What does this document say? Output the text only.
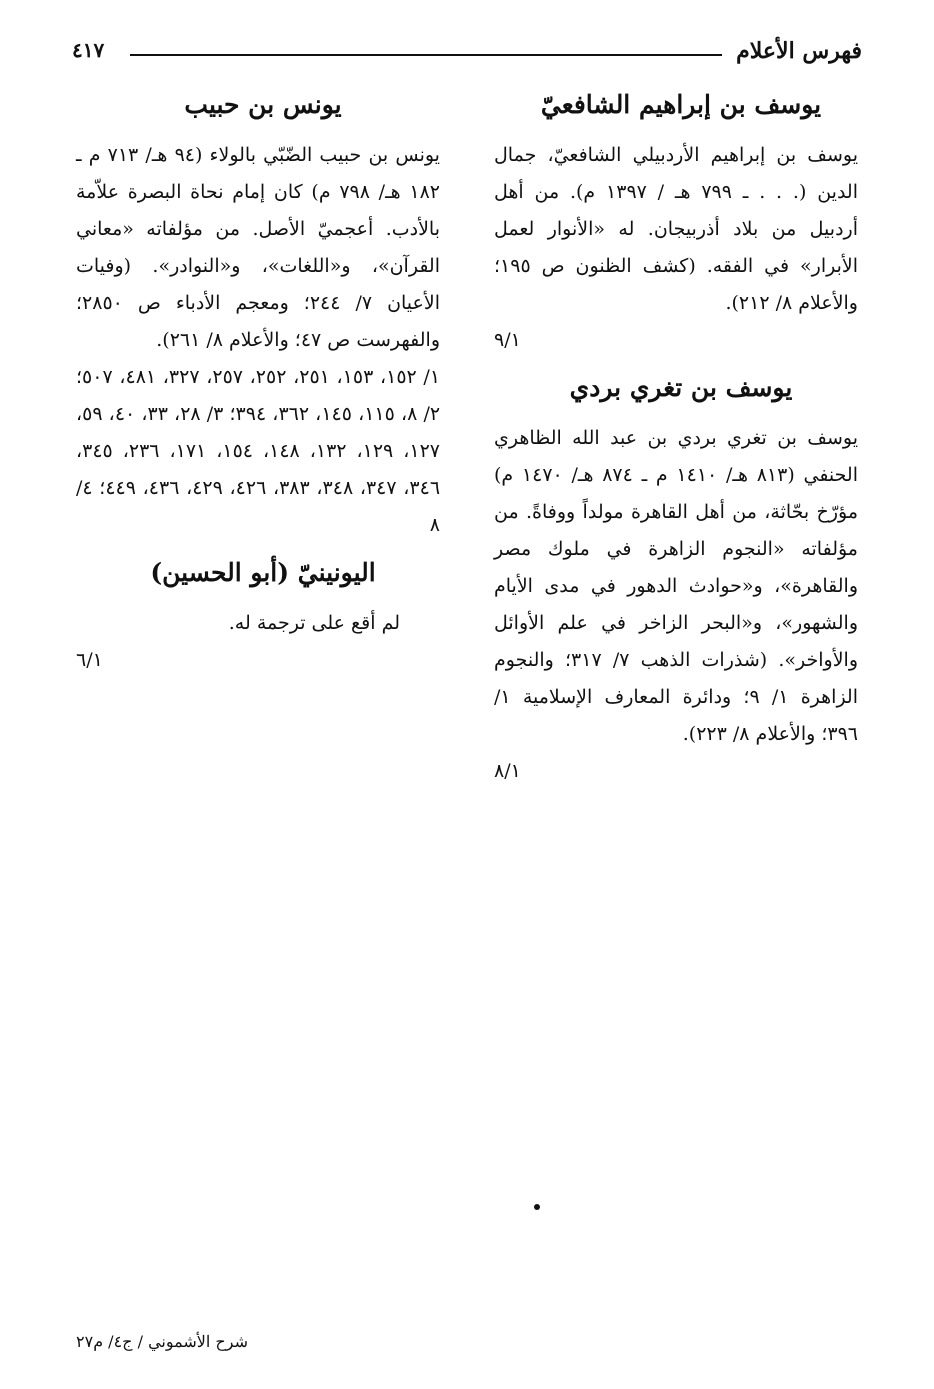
فهرس الأعلام
٤١٧
يوسف بن إبراهيم الشافعيّ
يوسف بن إبراهيم الأردبيلي الشافعيّ، جمال الدين (. . . ـ ٧٩٩ هـ / ١٣٩٧ م). من أهل أردبيل من بلاد أذربيجان. له «الأنوار لعمل الأبرار» في الفقه. (كشف الظنون ص ١٩٥؛ والأعلام ٨/ ٢١٢).
٩/١
يوسف بن تغري بردي
يوسف بن تغري بردي بن عبد الله الظاهري الحنفي (٨١٣ هـ/ ١٤١٠ م ـ ٨٧٤ هـ/ ١٤٧٠ م) مؤرّخ بحّاثة، من أهل القاهرة مولداً ووفاةً. من مؤلفاته «النجوم الزاهرة في ملوك مصر والقاهرة»، و«حوادث الدهور في مدى الأيام والشهور»، و«البحر الزاخر في علم الأوائل والأواخر». (شذرات الذهب ٧/ ٣١٧؛ والنجوم الزاهرة ١/ ٩؛ ودائرة المعارف الإسلامية ١/ ٣٩٦؛ والأعلام ٨/ ٢٢٣).
٨/١
يونس بن حبيب
يونس بن حبيب الضّبّي بالولاء (٩٤ هـ/ ٧١٣ م ـ ١٨٢ هـ/ ٧٩٨ م) كان إمام نحاة البصرة علاّمة بالأدب. أعجميّ الأصل. من مؤلفاته «معاني القرآن»، و«اللغات»، و«النوادر». (وفيات الأعيان ٧/ ٢٤٤؛ ومعجم الأدباء ص ٢٨٥٠؛ والفهرست ص ٤٧؛ والأعلام ٨/ ٢٦١).
١/ ١٥٢، ١٥٣، ٢٥١، ٢٥٢، ٢٥٧، ٣٢٧، ٤٨١، ٥٠٧؛ ٢/ ٨، ١١٥، ١٤٥، ٣٦٢، ٣٩٤؛ ٣/ ٢٨، ٣٣، ٤٠، ٥٩، ١٢٧، ١٢٩، ١٣٢، ١٤٨، ١٥٤، ١٧١، ٢٣٦، ٣٤٥، ٣٤٦، ٣٤٧، ٣٤٨، ٣٨٣، ٤٢٦، ٤٢٩، ٤٣٦، ٤٤٩؛ ٤/ ٨
اليونينيّ (أبو الحسين)
لم أقع على ترجمة له.
٦/١
شرح الأشموني / ج٤/ م٢٧
